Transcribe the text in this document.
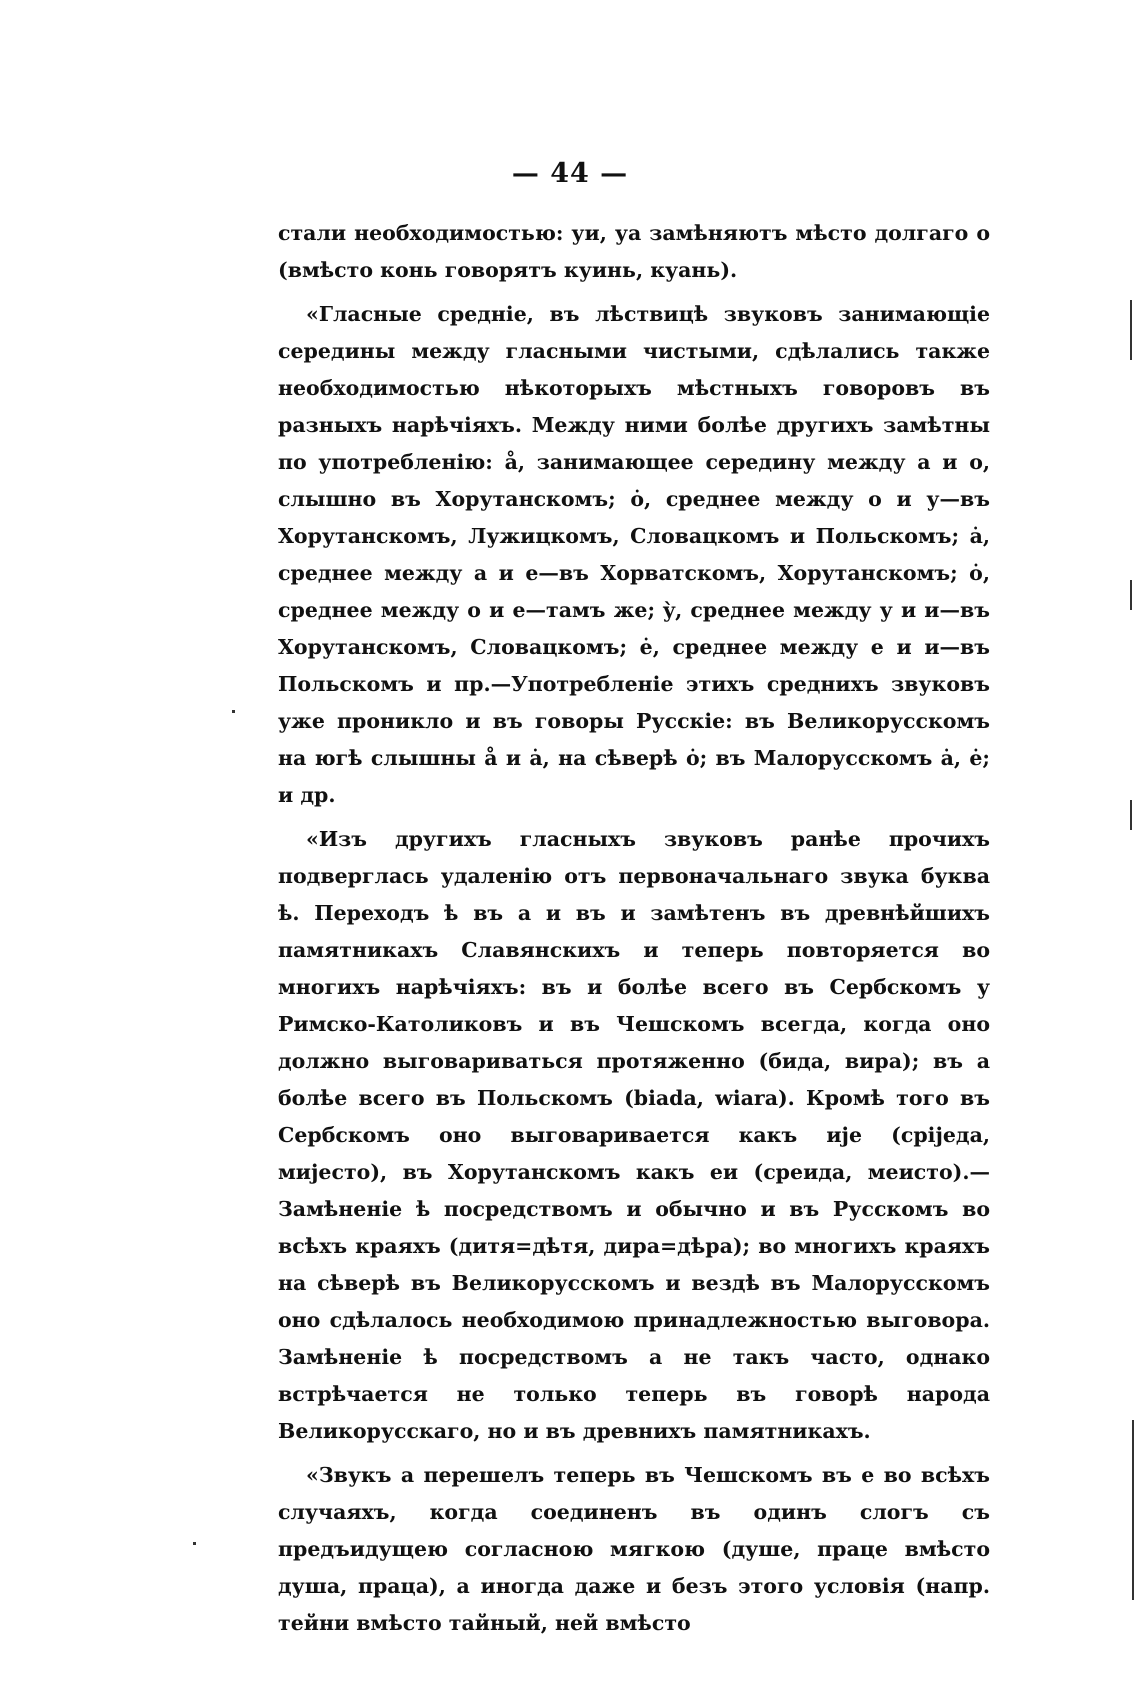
— 44 —

стали необходимостью: уи, уа замѣняютъ мѣсто долгаго о (вмѣсто конь говорятъ куинь, куань).

«Гласные средніе, въ лѣствицѣ звуковъ занимающіе середины между гласными чистыми, сдѣлались также необходимостью нѣкоторыхъ мѣстныхъ говоровъ въ разныхъ нарѣчіяхъ. Между ними болѣе другихъ замѣтны по употребленію: å, занимающее середину между а и о, слышно въ Хорутанскомъ; ȯ, среднее между о и у—въ Хорутанскомъ, Лужицкомъ, Словацкомъ и Польскомъ; ȧ, среднее между а и е—въ Хорватскомъ, Хорутанскомъ; ȯ, среднее между о и е—тамъ же; ỳ, среднее между у и и—въ Хорутанскомъ, Словацкомъ; ė, среднее между е и и—въ Польскомъ и пр.—Употребленіе этихъ среднихъ звуковъ уже проникло и въ говоры Русскіе: въ Великорусскомъ на югѣ слышны å и ȧ, на сѣверѣ ȯ; въ Малорусскомъ ȧ, ė; и др.

«Изъ другихъ гласныхъ звуковъ ранѣе прочихъ подверглась удаленію отъ первоначальнаго звука буква ѣ. Переходъ ѣ въ а и въ и замѣтенъ въ древнѣйшихъ памятникахъ Славянскихъ и теперь повторяется во многихъ нарѣчіяхъ: въ и болѣе всего въ Сербскомъ у Римско-Католиковъ и въ Чешскомъ всегда, когда оно должно выговариваться протяженно (бида, вира); въ а болѣе всего въ Польскомъ (biada, wiara). Кромѣ того въ Сербскомъ оно выговаривается какъ ије (срijеда, мијесто), въ Хорутанскомъ какъ еи (среида, меисто).—Замѣненіе ѣ посредствомъ и обычно и въ Русскомъ во всѣхъ краяхъ (дитя=дѣтя, дира=дѣра); во многихъ краяхъ на сѣверѣ въ Великорусскомъ и вездѣ въ Малорусскомъ оно сдѣлалось необходимою принадлежностью выговора. Замѣненіе ѣ посредствомъ а не такъ часто, однако встрѣчается не только теперь въ говорѣ народа Великорусскаго, но и въ древнихъ памятникахъ.

«Звукъ а перешелъ теперь въ Чешскомъ въ е во всѣхъ случаяхъ, когда соединенъ въ одинъ слогъ съ предъидущею согласною мягкою (душе, праце вмѣсто душа, праца), а иногда даже и безъ этого условія (напр. тейни вмѣсто тайный, ней вмѣсто
